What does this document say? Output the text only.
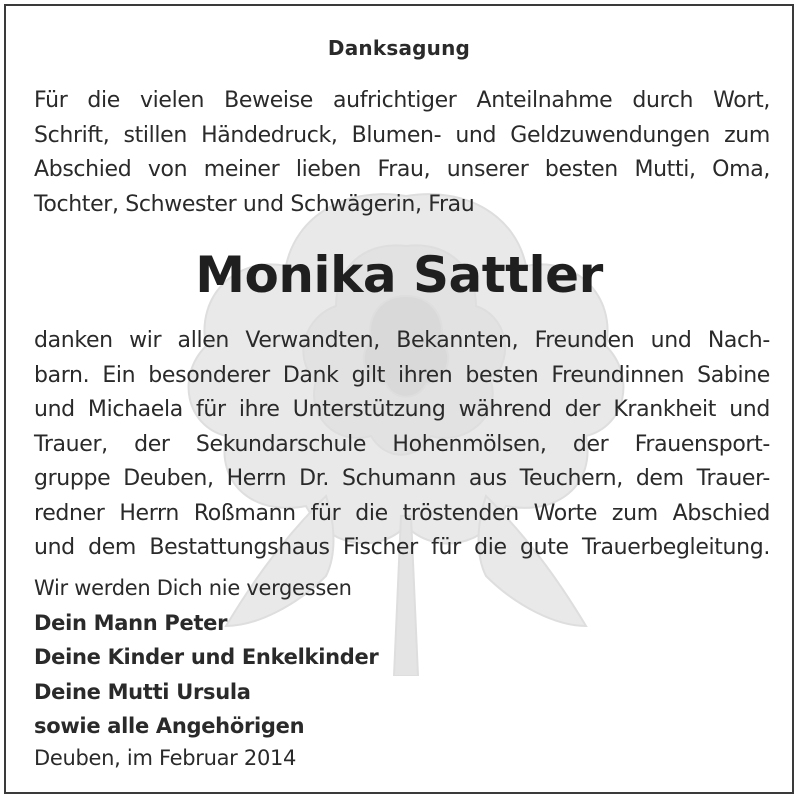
Danksagung
Für die vielen Beweise aufrichtiger Anteilnahme durch Wort,
Schrift, stillen Händedruck, Blumen- und Geldzuwendungen zum
Abschied von meiner lieben Frau, unserer besten Mutti, Oma,
Tochter, Schwester und Schwägerin, Frau
Monika Sattler
danken wir allen Verwandten, Bekannten, Freunden und Nach-
barn. Ein besonderer Dank gilt ihren besten Freundinnen Sabine
und Michaela für ihre Unterstützung während der Krankheit und
Trauer, der Sekundarschule Hohenmölsen, der Frauensport-
gruppe Deuben, Herrn Dr. Schumann aus Teuchern, dem Trauer-
redner Herrn Roßmann für die tröstenden Worte zum Abschied
und dem Bestattungshaus Fischer für die gute Trauerbegleitung.
Wir werden Dich nie vergessen
Dein Mann Peter
Deine Kinder und Enkelkinder
Deine Mutti Ursula
sowie alle Angehörigen
Deuben, im Februar 2014
